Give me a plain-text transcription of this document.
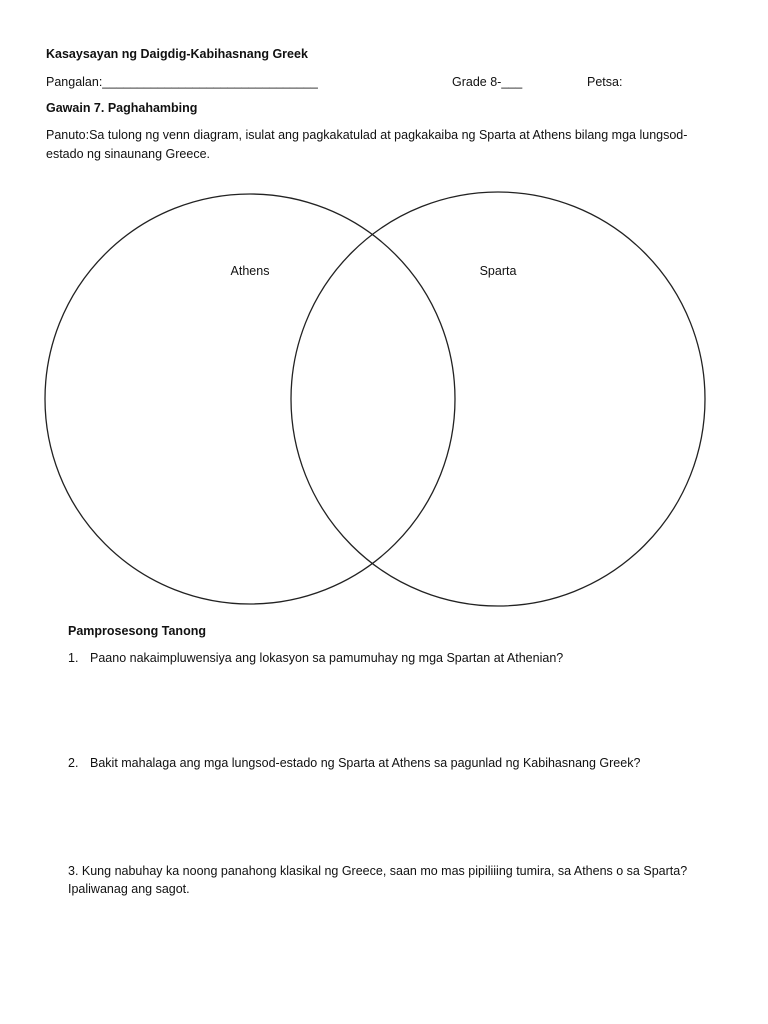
Kasaysayan ng Daigdig-Kabihasnang Greek
Pangalan:_______________________________	Grade 8-___	Petsa:
Gawain 7. Paghahambing
Panuto:Sa tulong ng venn diagram, isulat ang pagkakatulad at pagkakaiba ng Sparta at Athens bilang mga lungsod-estado ng sinaunang Greece.
Athens	Sparta
Pamprosesong Tanong
1. Paano nakaimpluwensiya ang lokasyon sa pamumuhay ng mga Spartan at Athenian?
2. Bakit mahalaga ang mga lungsod-estado ng Sparta at Athens sa pagunlad ng Kabihasnang Greek?
3. Kung nabuhay ka noong panahong klasikal ng Greece, saan mo mas pipiliiing tumira, sa Athens o sa Sparta? Ipaliwanag ang sagot.
